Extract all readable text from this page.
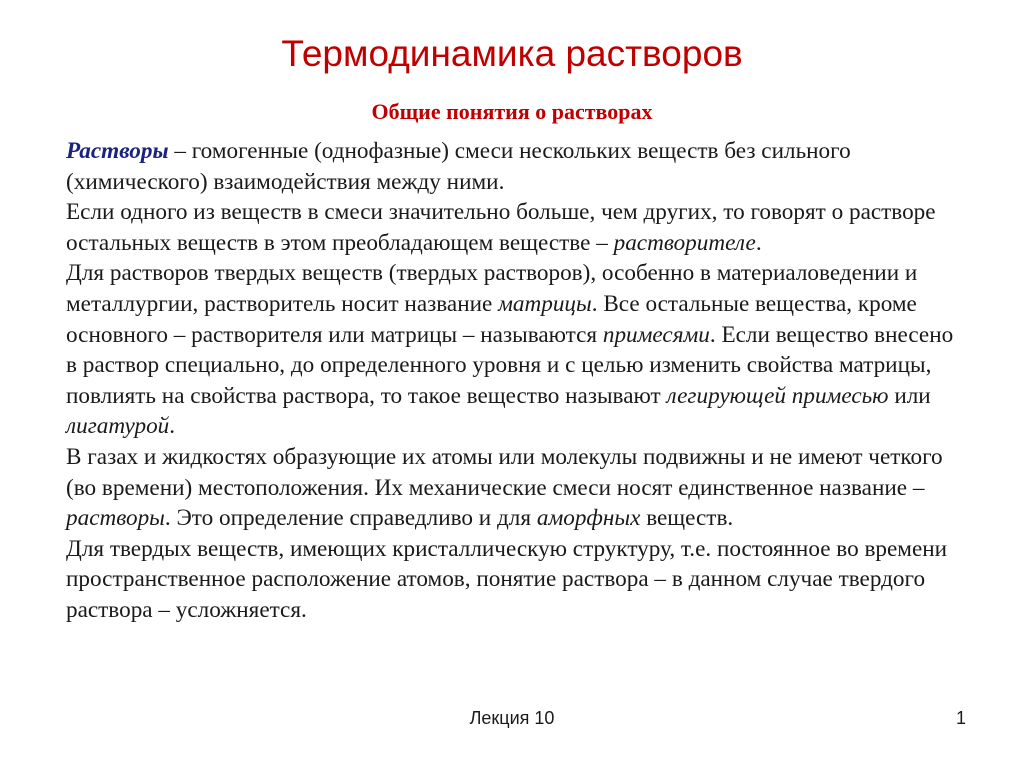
Термодинамика растворов
Общие понятия о растворах

Растворы – гомогенные (однофазные) смеси нескольких веществ без сильного (химического) взаимодействия между ними.

Если одного из веществ в смеси значительно больше, чем других, то говорят о растворе остальных веществ в этом преобладающем веществе – растворителе.

Для растворов твердых веществ (твердых растворов), особенно в материаловедении и металлургии, растворитель носит название матрицы. Все остальные вещества, кроме основного – растворителя или матрицы – называются примесями. Если вещество внесено в раствор специально, до определенного уровня и с целью изменить свойства матрицы, повлиять на свойства раствора, то такое вещество называют легирующей примесью или лигатурой.

В газах и жидкостях образующие их атомы или молекулы подвижны и не имеют четкого (во времени) местоположения. Их механические смеси носят единственное название – растворы. Это определение справедливо и для аморфных веществ.

Для твердых веществ, имеющих кристаллическую структуру, т.е. постоянное во времени пространственное расположение атомов, понятие раствора – в данном случае твердого раствора – усложняется.

Лекция 10	1
